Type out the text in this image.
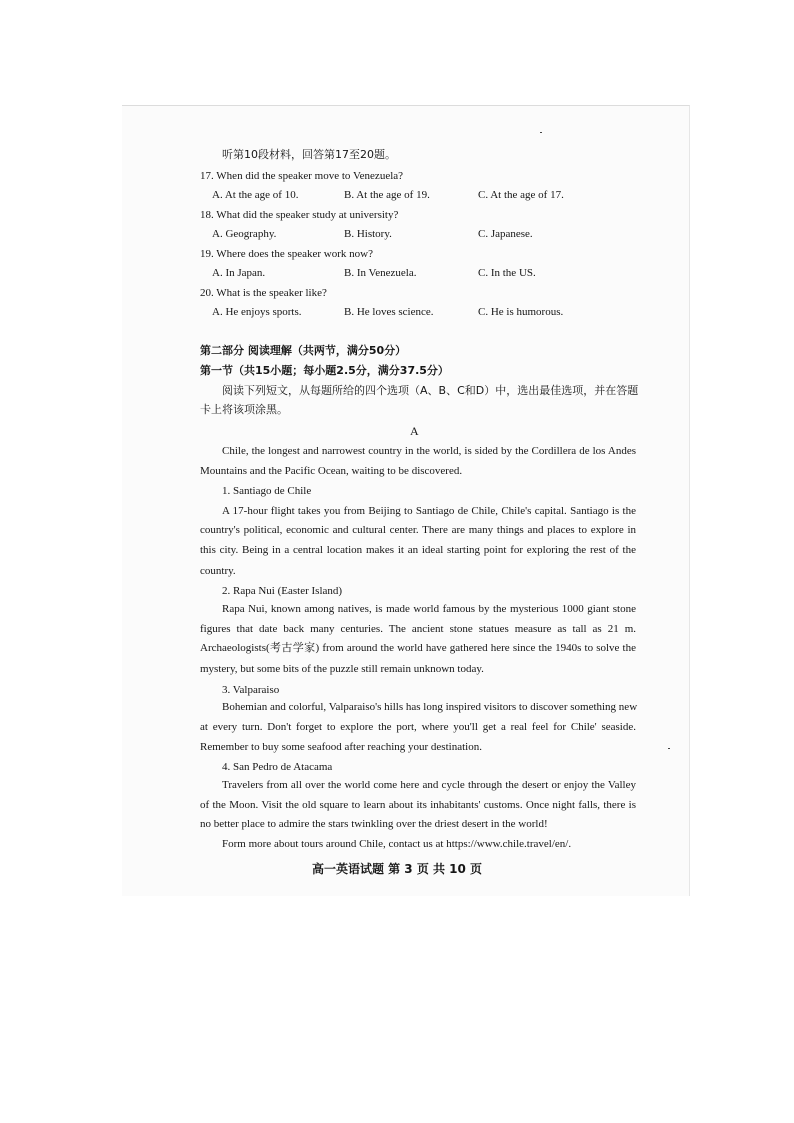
听第10段材料，回答第17至20题。
17. When did the speaker move to Venezuela?
A. At the age of 10.	B. At the age of 19.	C. At the age of 17.
18. What did the speaker study at university?
A. Geography.	B. History.	C. Japanese.
19. Where does the speaker work now?
A. In Japan.	B. In Venezuela.	C. In the US.
20. What is the speaker like?
A. He enjoys sports.	B. He loves science.	C. He is humorous.
第二部分 阅读理解（共两节，满分50分）
第一节（共15小题；每小题2.5分，满分37.5分）
阅读下列短文，从每题所给的四个选项（A、B、C和D）中，选出最佳选项，并在答题
卡上将该项涂黑。
A
Chile, the longest and narrowest country in the world, is sided by the Cordillera de los Andes
Mountains and the Pacific Ocean, waiting to be discovered.
1. Santiago de Chile
A 17-hour flight takes you from Beijing to Santiago de Chile, Chile's capital. Santiago is the
country's political, economic and cultural center. There are many things and places to explore in
this city. Being in a central location makes it an ideal starting point for exploring the rest of the
country.
2. Rapa Nui (Easter Island)
Rapa Nui, known among natives, is made world famous by the mysterious 1000 giant stone
figures that date back many centuries. The ancient stone statues measure as tall as 21 m.
Archaeologists(考古学家) from around the world have gathered here since the 1940s to solve the
mystery, but some bits of the puzzle still remain unknown today.
3. Valparaiso
Bohemian and colorful, Valparaiso's hills has long inspired visitors to discover something new
at every turn. Don't forget to explore the port, where you'll get a real feel for Chile' seaside.
Remember to buy some seafood after reaching your destination.
4. San Pedro de Atacama
Travelers from all over the world come here and cycle through the desert or enjoy the Valley
of the Moon. Visit the old square to learn about its inhabitants' customs. Once night falls, there is
no better place to admire the stars twinkling over the driest desert in the world!
Form more about tours around Chile, contact us at https://www.chile.travel/en/.
高一英语试题 第 3 页 共 10 页
